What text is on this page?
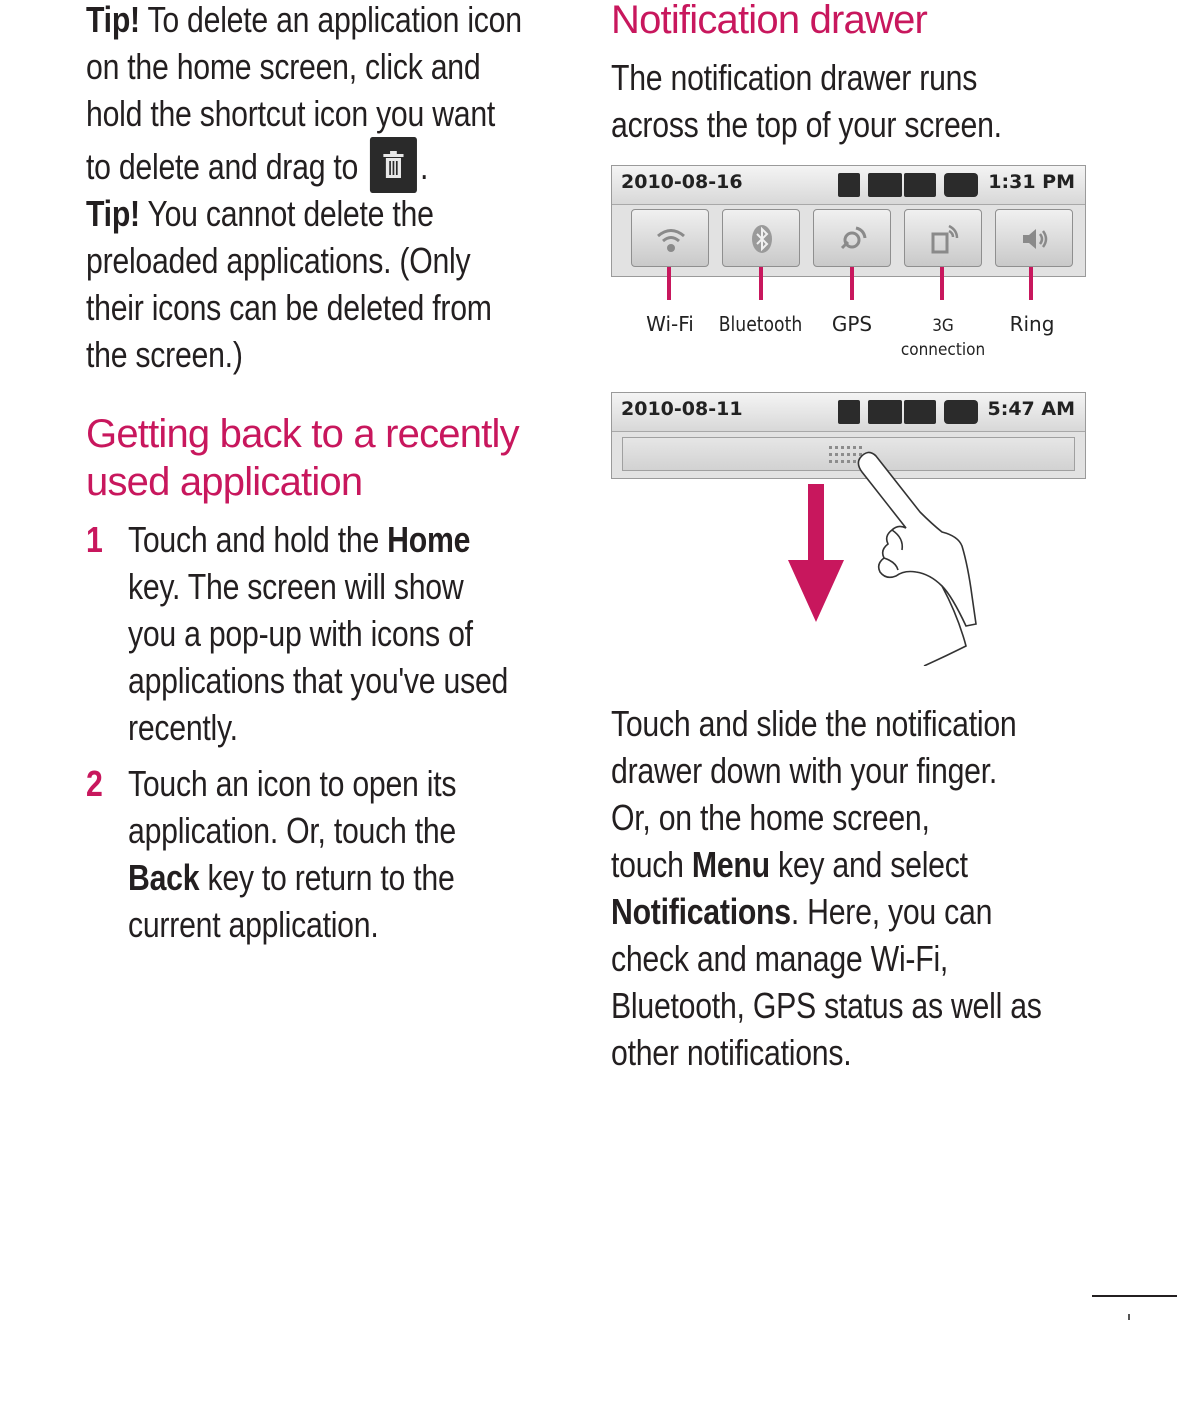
Tip! To delete an application icon
on the home screen, click and
hold the shortcut icon you want
to delete and drag to .
Tip! You cannot delete the
preloaded applications. (Only
their icons can be deleted from
the screen.)
Getting back to a recently
used application
1 Touch and hold the Home
key. The screen will show
you a pop-up with icons of
applications that you've used
recently.
2 Touch an icon to open its
application. Or, touch the
Back key to return to the
current application.
Notification drawer
The notification drawer runs
across the top of your screen.
2010-08-16	1:31 PM
Wi-Fi Bluetooth GPS	3G
connection
Ring
2010-08-11	5:47 AM
Touch and slide the notification
drawer down with your finger.
Or, on the home screen,
touch Menu key and select
Notifications. Here, you can
check and manage Wi-Fi,
Bluetooth, GPS status as well as
other notifications.
